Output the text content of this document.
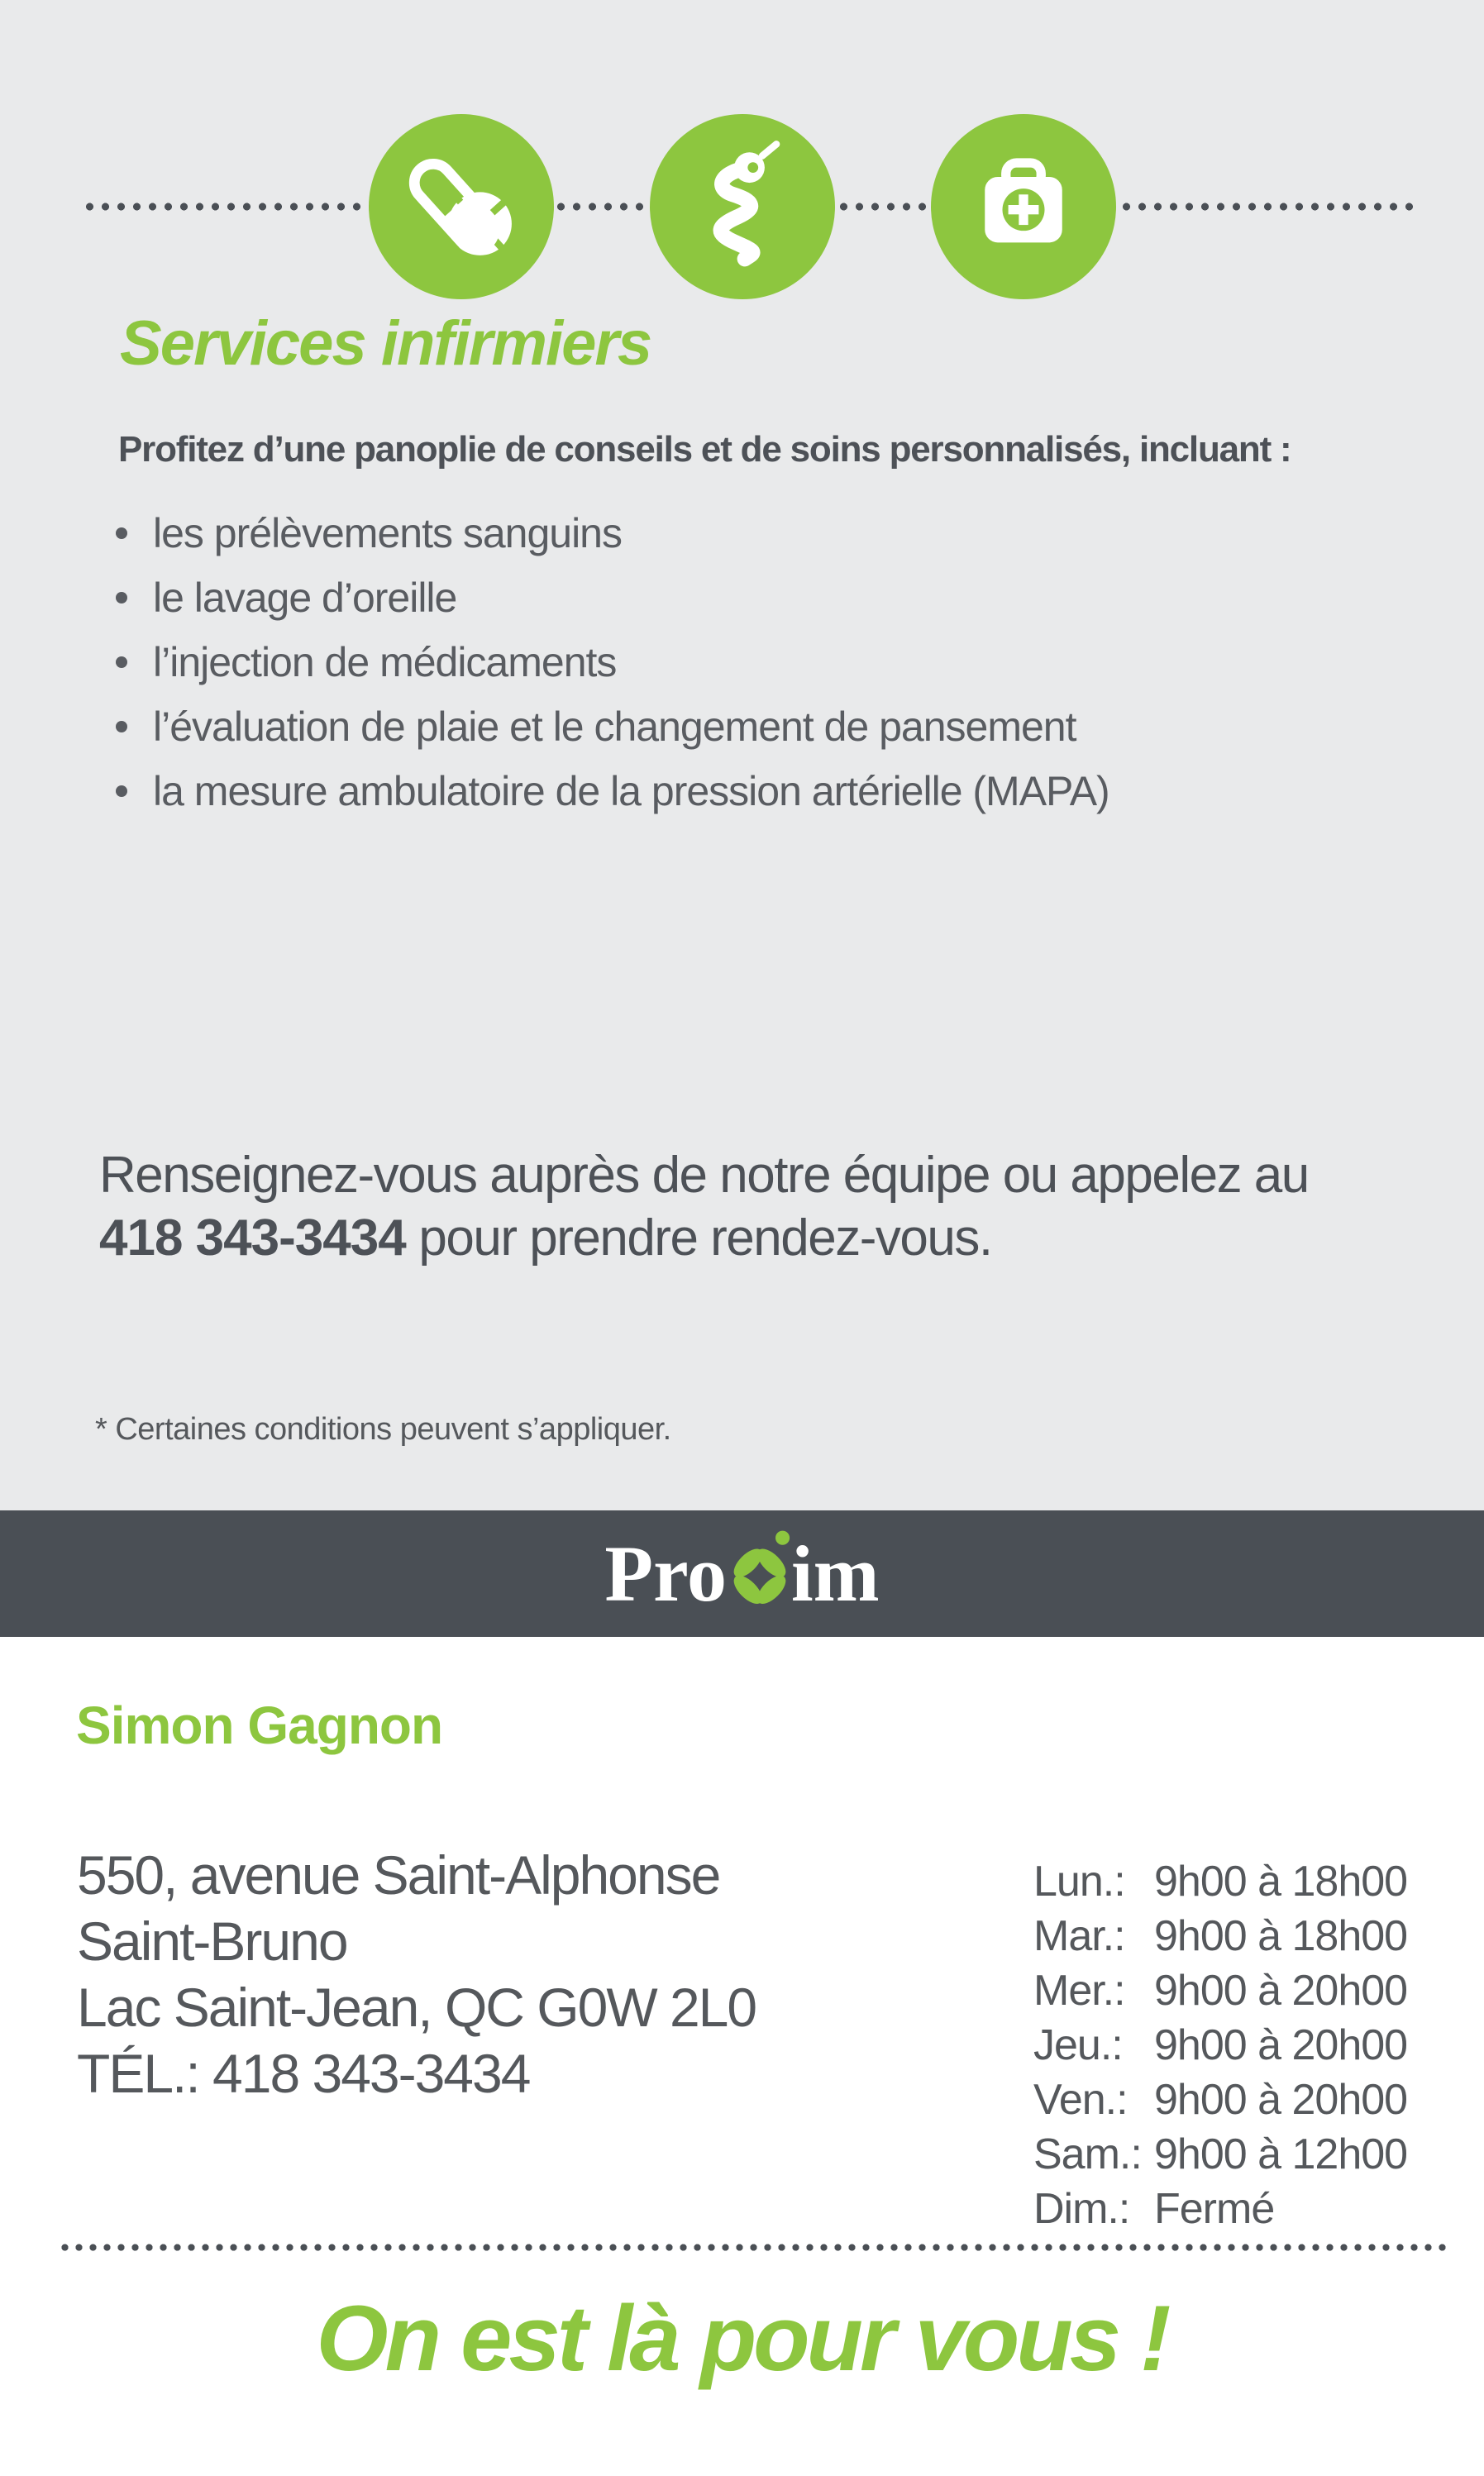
Services infirmiers
Profitez d’une panoplie de conseils et de soins personnalisés, incluant :
les prélèvements sanguins
le lavage d’oreille
l’injection de médicaments
l’évaluation de plaie et le changement de pansement
la mesure ambulatoire de la pression artérielle (MAPA)
Renseignez-vous auprès de notre équipe ou appelez au
418 343-3434 pour prendre rendez-vous.
* Certaines conditions peuvent s’appliquer.
Pro im
Simon Gagnon
550, avenue Saint-Alphonse
Saint-Bruno
Lac Saint-Jean, QC G0W 2L0
TÉL.: 418 343-3434
Lun.: 9h00 à 18h00
Mar.: 9h00 à 18h00
Mer.: 9h00 à 20h00
Jeu.: 9h00 à 20h00
Ven.: 9h00 à 20h00
Sam.: 9h00 à 12h00
Dim.: Fermé
On est là pour vous !
